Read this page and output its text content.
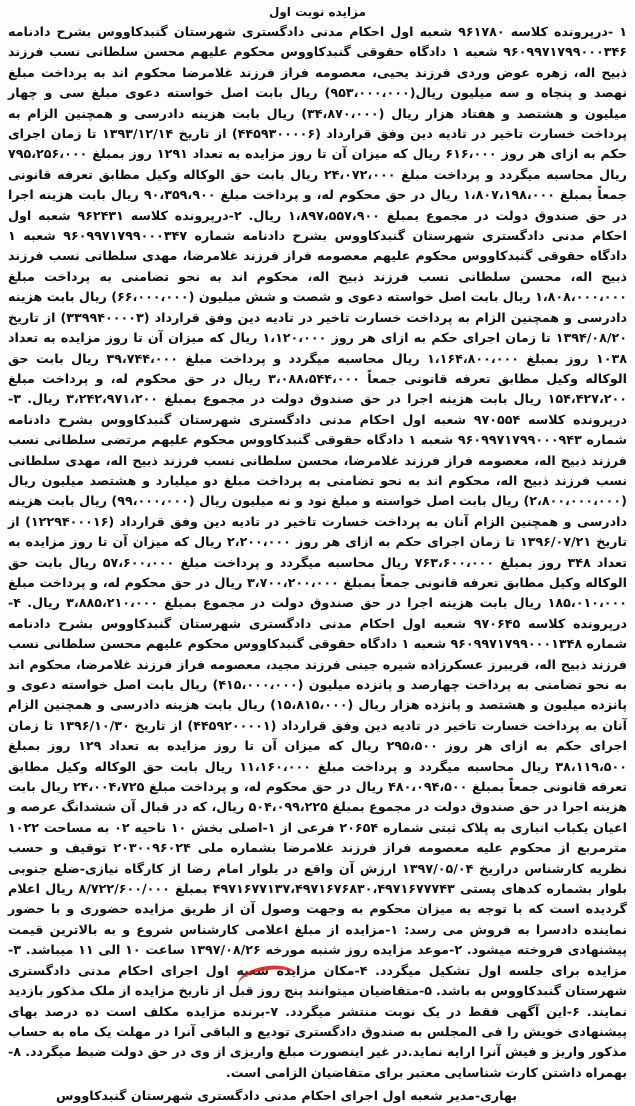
مزایده نوبت اول

۱ -درپرونده کلاسه ۹۶۱۷۸۰ شعبه اول احکام مدنی دادگستری شهرستان گنبدکاووس بشرح دادنامه ۹۶۰۹۹۷۱۷۹۹۰۰۰۳۴۶ شعبه ۱ دادگاه حقوقی گنبدکاووس محکوم علیهم محسن سلطانی نسب فرزند ذبیح اله، زهره عوض وردی فرزند یحیی، معصومه فراز فرزند غلامرضا محکوم اند به پرداخت مبلغ نهصد و پنجاه و سه میلیون ریال(۹۵۳،۰۰۰،۰۰۰) ریال بابت اصل خواسته دعوی مبلغ سی و چهار میلیون و هشتصد و هفتاد هزار ریال (۳۴،۸۷۰،۰۰۰) ریال بابت هزینه دادرسی و همچنین الزام به پرداخت خسارت تاخیر در تادیه دین وفق قرارداد (۴۴۵۹۳۰۰۰۰۶) از تاریخ ۱۳۹۳/۱۲/۱۴ تا زمان اجرای حکم به ازای هر روز ۶۱۶،۰۰۰ ریال که میزان آن تا روز مزایده به تعداد ۱۲۹۱ روز بمبلغ ۷۹۵،۲۵۶،۰۰۰ ریال محاسبه میگردد و پرداخت مبلغ ۲۴،۰۷۲،۰۰۰ ریال بابت حق الوکاله وکیل مطابق تعرفه قانونی جمعاً بمبلغ ۱،۸۰۷،۱۹۸،۰۰۰ ریال در حق محکوم له، و پرداخت مبلغ ۹۰،۳۵۹،۹۰۰ ریال بابت هزینه اجرا در حق صندوق دولت در مجموع بمبلغ ۱،۸۹۷،۵۵۷،۹۰۰ ریال.

۲-درپرونده کلاسه ۹۶۲۴۳۱ شعبه اول احکام مدنی دادگستری شهرستان گنبدکاووس بشرح دادنامه شماره ۹۶۰۹۹۷۱۷۹۹۰۰۰۳۴۷ شعبه ۱ دادگاه حقوقی گنبدکاووس محکوم علیهم معصومه فراز فرزند غلامرضا، مهدی سلطانی نسب فرزند ذبیح اله، محسن سلطانی نسب فرزند ذبیح اله، محکوم اند به نحو تضامنی به پرداخت مبلغ ۱،۸۰۸،۰۰۰،۰۰۰ ریال بابت اصل خواسته دعوی و شصت و شش میلیون (۶۶،۰۰۰،۰۰۰) ریال بابت هزینه دادرسی و همچنین الزام به پرداخت خسارت تاخیر در تادیه دین وفق قرارداد (۳۳۹۹۴۰۰۰۰۳) از تاریخ ۱۳۹۴/۰۸/۲۰ تا زمان اجرای حکم به ازای هر روز ۱،۱۲۰،۰۰۰ ریال که میزان آن تا روز مزایده به تعداد ۱۰۳۸ روز بمبلغ ۱،۱۶۴،۸۰۰،۰۰۰ ریال محاسبه میگردد و پرداخت مبلغ ۳۹،۷۴۴،۰۰۰ ریال بابت حق الوکاله وکیل مطابق تعرفه قانونی جمعاً ۳،۰۸۸،۵۴۴،۰۰۰ ریال در حق محکوم له، و پرداخت مبلغ ۱۵۴،۴۲۷،۲۰۰ ریال بابت هزینه اجرا در حق صندوق دولت در مجموع بمبلغ ۳،۲۴۲،۹۷۱،۲۰۰ ریال.

۳-درپرونده کلاسه ۹۷۰۵۵۴ شعبه اول احکام مدنی دادگستری شهرستان گنبدکاووس بشرح دادنامه شماره ۹۶۰۹۹۷۱۷۹۹۰۰۰۹۴۳ شعبه ۱ دادگاه حقوقی گنبدکاووس محکوم علیهم مرتضی سلطانی نسب فرزند ذبیح اله، معصومه فراز فرزند غلامرضا، محسن سلطانی نسب فرزند ذبیح اله، مهدی سلطانی نسب فرزند ذبیح اله، محکوم اند به نحو تضامنی به پرداخت مبلغ دو میلیارد و هشتصد میلیون ریال (۲،۸۰۰،۰۰۰،۰۰۰) ریال بابت اصل خواسته و مبلغ نود و نه میلیون ریال (۹۹،۰۰۰،۰۰۰) ریال بابت هزینه دادرسی و همچنین الزام آنان به پرداخت خسارت تاخیر در تادیه دین وفق قرارداد (۱۲۲۹۴۰۰۰۱۶) از تاریخ ۱۳۹۶/۰۷/۲۱ تا زمان اجرای حکم به ازای هر روز ۲،۲۰۰،۰۰۰ ریال که میزان آن تا روز مزایده به تعداد ۳۴۸ روز بمبلغ ۷۶۳،۶۰۰،۰۰۰ ریال محاسبه میگردد و پرداخت مبلغ ۵۷،۶۰۰،۰۰۰ ریال بابت حق الوکاله وکیل مطابق تعرفه قانونی جمعاً بمبلغ ۳،۷۰۰،۲۰۰،۰۰۰ ریال در حق محکوم له، و پرداخت مبلغ ۱۸۵،۰۱۰،۰۰۰ ریال بابت هزینه اجرا در حق صندوق دولت در مجموع بمبلغ ۳،۸۸۵،۲۱۰،۰۰۰ ریال.

۴-درپرونده کلاسه ۹۷۰۶۴۵ شعبه اول احکام مدنی دادگستری شهرستان گنبدکاووس بشرح دادنامه شماره ۹۶۰۹۹۷۱۷۹۹۰۰۰۱۳۴۸ شعبه ۱ دادگاه حقوقی گنبدکاووس محکوم علیهم محسن سلطانی نسب فرزند ذبیح اله، فریبرز عسکرزاده شیره جینی فرزند مجید، معصومه فراز فرزند غلامرضا، محکوم اند به نحو تضامنی به پرداخت چهارصد و پانزده میلیون (۴۱۵،۰۰۰،۰۰۰) ریال بابت اصل خواسته دعوی و پانزده میلیون و هشتصد و پانزده هزار ریال (۱۵،۸۱۵،۰۰۰) ریال بابت هزینه دادرسی و همچنین الزام آنان به پرداخت خسارت تاخیر در تادیه دین وفق قرارداد (۴۴۵۹۲۰۰۰۰۱) از تاریخ ۱۳۹۶/۱۰/۳۰ تا زمان اجرای حکم به ازای هر روز ۲۹۵،۵۰۰ ریال که میزان آن تا روز مزایده به تعداد ۱۲۹ روز بمبلغ ۳۸،۱۱۹،۵۰۰ ریال محاسبه میگردد و پرداخت مبلغ ۱۱،۱۶۰،۰۰۰ ریال بابت حق الوکاله وکیل مطابق تعرفه قانونی جمعاً بمبلغ ۴۸۰،۰۹۴،۵۰۰ ریال در حق محکوم له، و پرداخت مبلغ ۲۴،۰۰۴،۷۲۵ ریال بابت هزینه اجرا در حق صندوق دولت در مجموع بمبلغ ۵۰۴،۰۹۹،۲۲۵ ریال، که در قبال آن ششدانگ عرصه و اعیان یکباب انباری به پلاک ثبتی شماره ۲۰۶۵۴ فرعی از ۱-اصلی بخش ۱۰ ناحیه ۰۲ به مساحت ۱۰۲۲ مترمربع از محکوم علیه معصومه فراز فرزند غلامرضا بشماره ملی ۲۰۳۰۰۹۶۰۲۴ توقیف و حسب نظریه کارشناس دراریخ ۱۳۹۷/۰۵/۰۴ ارزش آن واقع در بلوار امام رضا از کارگاه نیازی-ضلع جنوبی بلوار بشماره کدهای پستی ۴۹۷۱۶۷۷۱۳۷،۴۹۷۱۶۷۶۸۳۰،۴۹۷۱۶۷۷۷۴۳ بمبلغ ۸/۷۲۲/۶۰۰/۰۰۰ ریال اعلام گردیده است که با توجه به میزان محکوم به وجهت وصول آن از طریق مزایده حضوری و با حضور نماینده دادسرا به فروش می رسد:

۱-مزایده از مبلغ اعلامی کارشناس شروع و به بالاترین قیمت پیشنهادی فروخته میشود.

۲-موعد مزایده روز شنبه مورخه ۱۳۹۷/۰۸/۲۶ ساعت ۱۰ الی ۱۱ میباشد.

۳-مزایده برای جلسه اول تشکیل میگردد.

۴-مکان مزایده شعبه اول اجرای احکام مدنی دادگستری شهرستان گنبدکاووس به باشد.

۵-متقاضیان میتوانند پنج روز قبل از تاریخ مزایده از ملک مذکور بازدید نمایند.

۶-این آگهی فقط در یک نوبت منتشر میگردد.

۷-برنده مزایده مکلف است ده درصد بهای پیشنهادی خویش را فی المجلس به صندوق دادگستری تودیع و الباقی آنرا در مهلت یک ماه به حساب مذکور واریز و فیش آنرا ارایه نماید.در غیر اینصورت مبلغ واریزی از وی در حق دولت ضبط میگردد.

۸-بهمراه داشتن کارت شناسایی معتبر برای متقاضیان الزامی است.

بهاری-مدیر شعبه اول اجرای احکام مدنی دادگستری شهرستان گنبدکاووس
